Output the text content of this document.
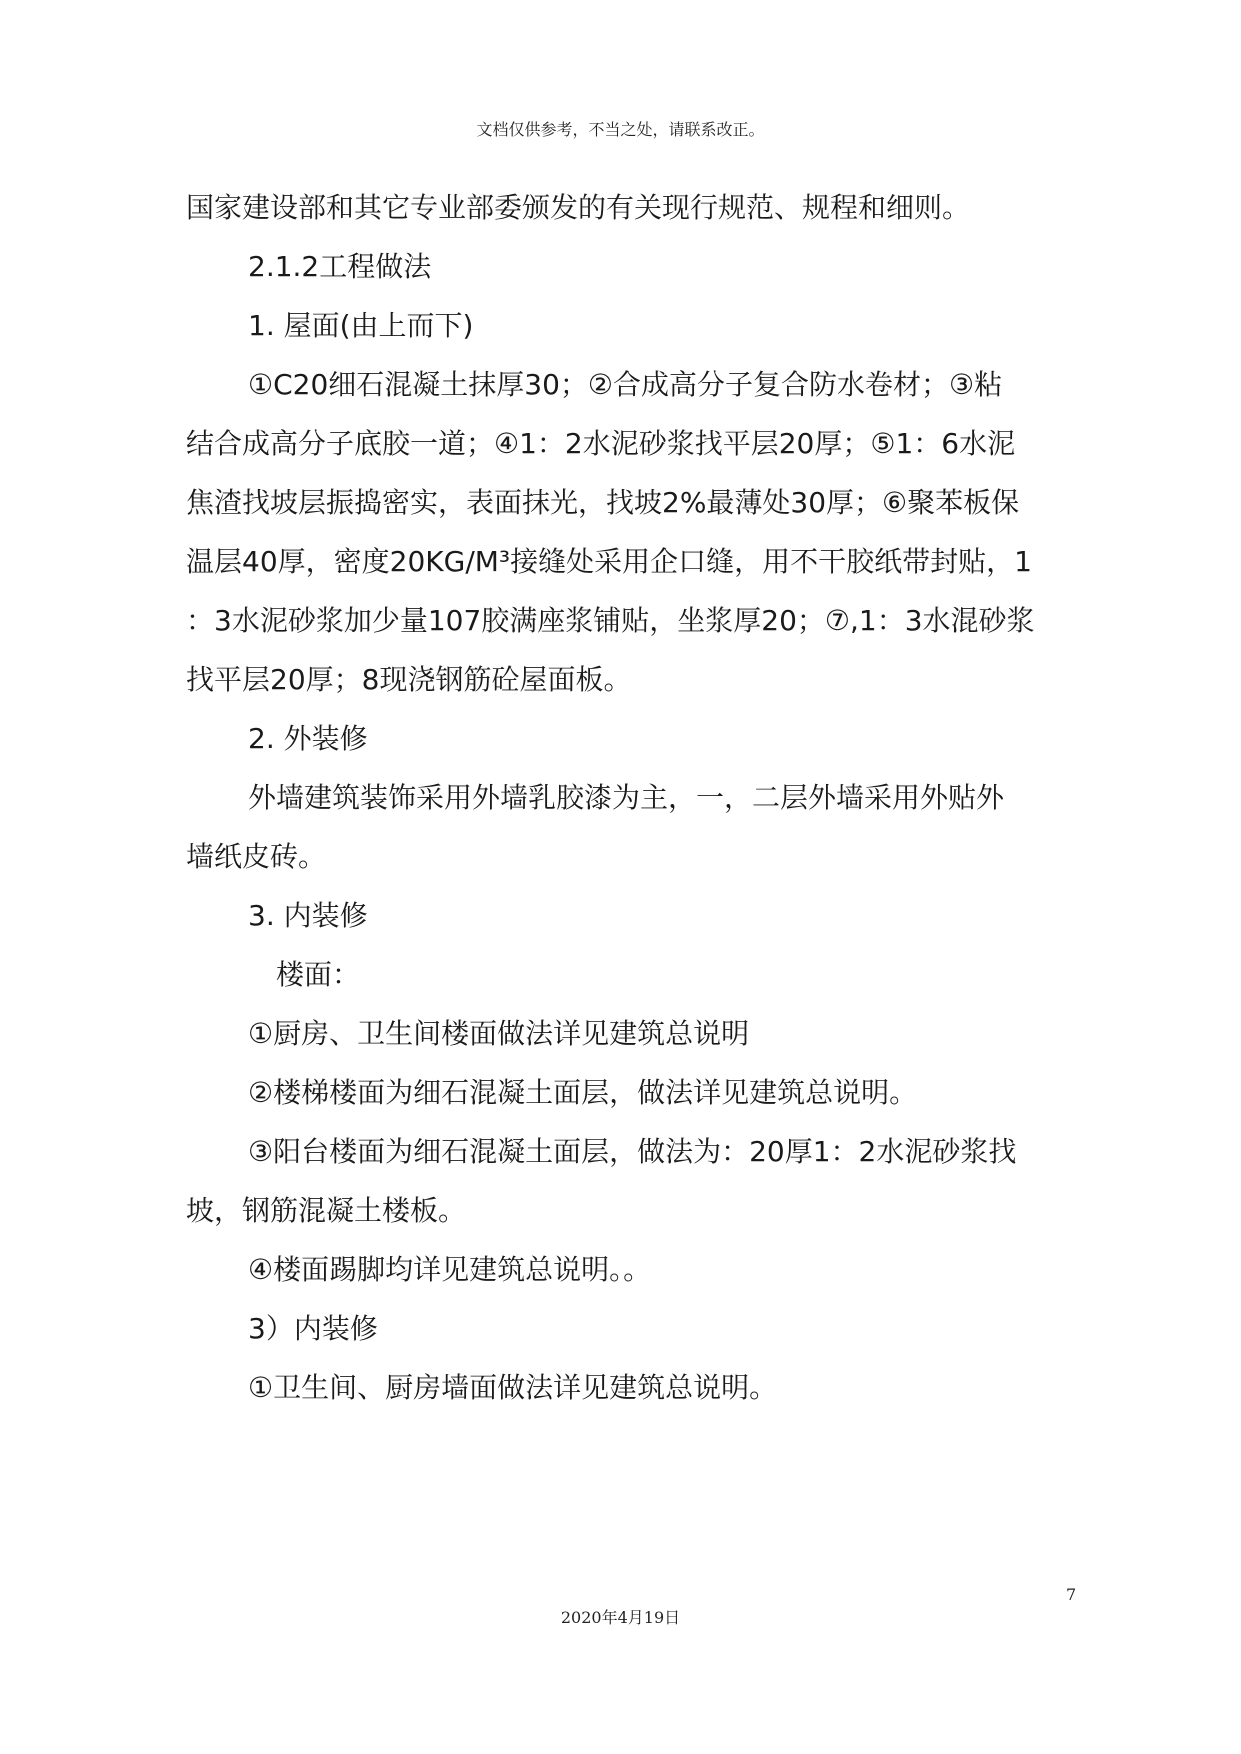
文档仅供参考，不当之处，请联系改正。
国家建设部和其它专业部委颁发的有关现行规范、规程和细则。
2.1.2工程做法
1. 屋面(由上而下)
①C20细石混凝土抹厚30；②合成高分子复合防水卷材；③粘
结合成高分子底胶一道；④1：2水泥砂浆找平层20厚；⑤1：6水泥
焦渣找坡层振捣密实，表面抹光，找坡2%最薄处30厚；⑥聚苯板保
温层40厚，密度20KG/M³接缝处采用企口缝，用不干胶纸带封贴，1
：3水泥砂浆加少量107胶满座浆铺贴，坐浆厚20；⑦,1：3水混砂浆
找平层20厚；8现浇钢筋砼屋面板。
2. 外装修
外墙建筑装饰采用外墙乳胶漆为主，一，二层外墙采用外贴外
墙纸皮砖。
3. 内装修
楼面：
①厨房、卫生间楼面做法详见建筑总说明
②楼梯楼面为细石混凝土面层，做法详见建筑总说明。
③阳台楼面为细石混凝土面层，做法为：20厚1：2水泥砂浆找
坡，钢筋混凝土楼板。
④楼面踢脚均详见建筑总说明。。
3）内装修
①卫生间、厨房墙面做法详见建筑总说明。
7
2020年4月19日
